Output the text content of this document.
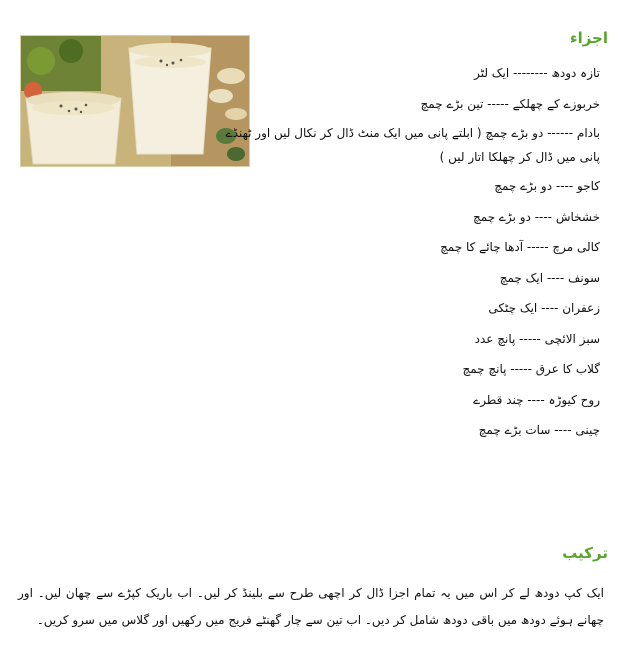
اجزاء
تازہ دودھ -------- ایک لٹر
خربوزے کے چھلکے ----- تین بڑے چمچ
بادام ------ دو بڑے چمچ ( ابلتے پانی میں ایک منٹ ڈال کر نکال لیں اور ٹھنڈے پانی میں ڈال کر چھلکا اتار لیں )
کاجو ---- دو بڑے چمچ
خشخاش ---- دو بڑے چمچ
کالی مرچ ----- آدھا چائے کا چمچ
سونف ---- ایک چمچ
زعفران ---- ایک چٹکی
سبز الائچی ----- پانچ عدد
گلاب کا عرق ----- پانچ چمچ
روح کیوڑہ ---- چند قطرے
چینی ---- سات بڑے چمچ
ترکیب
ایک کپ دودھ لے کر اس میں یہ تمام اجزا ڈال کر اچھی طرح سے بلینڈ کر لیں۔ اب باریک کپڑے سے چھان لیں۔ اور چھانے ہوئے دودھ میں باقی دودھ شامل کر دیں۔ اب تین سے چار گھنٹے فریج میں رکھیں اور گلاس میں سرو کریں۔
